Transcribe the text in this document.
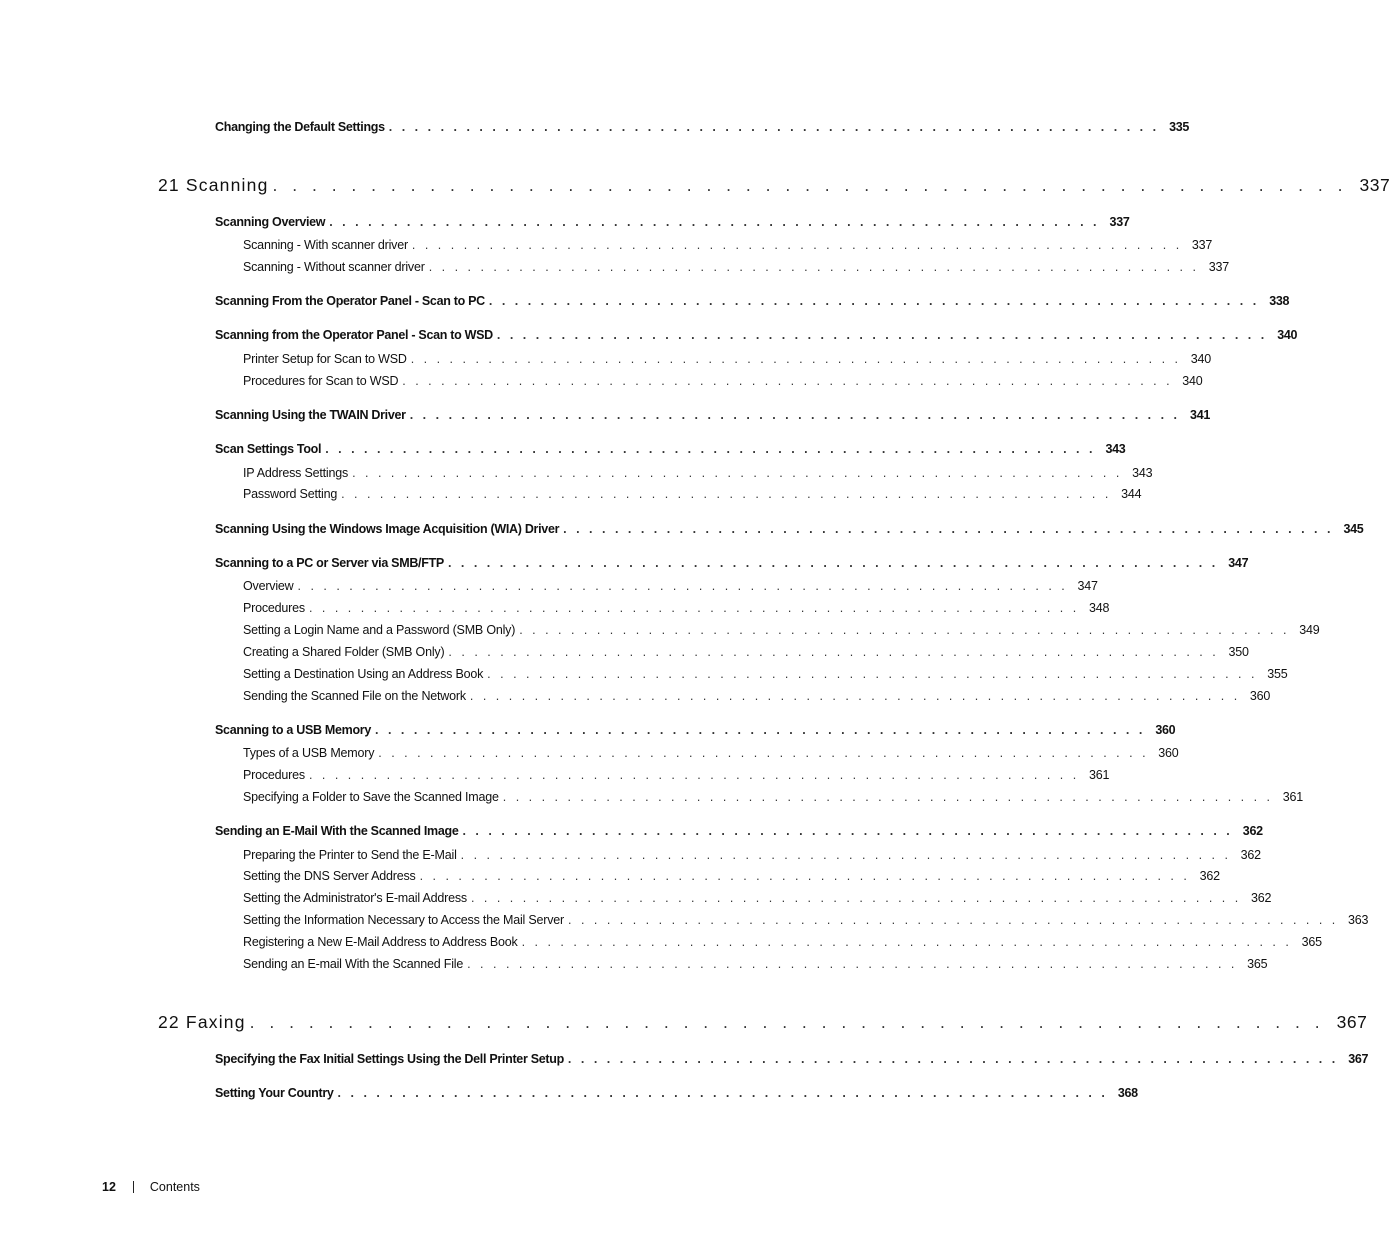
Changing the Default Settings . . . . . . . . . . . . . . . . . . . . . . . . . . . . . . . . . . . . . . . . . . . . . . . . . . . . . . . . . . . . 335
21 Scanning . . . . . . . . . . . . . . . . . . . . . . . . . . . . . . . . . . . . . . . . . . . . . . . . . . . . . . . 337
Scanning Overview . . . . . . . . . . . . . . . . . . . . . . . . . . . . . . . . . . . . . . . . . . . . . . . . . . . . . . . . . . . . 337
Scanning - With scanner driver . . . . . . . . . . . . . . . . . . . . . . . . . . . . . . . . . . . . . . . . . . . . . . . . . . . . . . . . . . . . 337
Scanning - Without scanner driver . . . . . . . . . . . . . . . . . . . . . . . . . . . . . . . . . . . . . . . . . . . . . . . . . . . . . . . . . . . . 337
Scanning From the Operator Panel - Scan to PC . . . . . . . . . . . . . . . . . . . . . . . . . . . . . . . . . . . . . . . . . . . . . . . . . . . . . . . . . . . . 338
Scanning from the Operator Panel - Scan to WSD . . . . . . . . . . . . . . . . . . . . . . . . . . . . . . . . . . . . . . . . . . . . . . . . . . . . . . . . . . . . 340
Printer Setup for Scan to WSD . . . . . . . . . . . . . . . . . . . . . . . . . . . . . . . . . . . . . . . . . . . . . . . . . . . . . . . . . . . . 340
Procedures for Scan to WSD . . . . . . . . . . . . . . . . . . . . . . . . . . . . . . . . . . . . . . . . . . . . . . . . . . . . . . . . . . . . 340
Scanning Using the TWAIN Driver . . . . . . . . . . . . . . . . . . . . . . . . . . . . . . . . . . . . . . . . . . . . . . . . . . . . . . . . . . . . 341
Scan Settings Tool . . . . . . . . . . . . . . . . . . . . . . . . . . . . . . . . . . . . . . . . . . . . . . . . . . . . . . . . . . . . 343
IP Address Settings . . . . . . . . . . . . . . . . . . . . . . . . . . . . . . . . . . . . . . . . . . . . . . . . . . . . . . . . . . . . 343
Password Setting . . . . . . . . . . . . . . . . . . . . . . . . . . . . . . . . . . . . . . . . . . . . . . . . . . . . . . . . . . . . 344
Scanning Using the Windows Image Acquisition (WIA) Driver . . . . . . . . . . . . . . . . . . . . . . . . . . . . . . . . . . . . . . . . . . . . . . . . . . . . . . . . . . . . 345
Scanning to a PC or Server via SMB/FTP . . . . . . . . . . . . . . . . . . . . . . . . . . . . . . . . . . . . . . . . . . . . . . . . . . . . . . . . . . . . 347
Overview . . . . . . . . . . . . . . . . . . . . . . . . . . . . . . . . . . . . . . . . . . . . . . . . . . . . . . . . . . . . 347
Procedures . . . . . . . . . . . . . . . . . . . . . . . . . . . . . . . . . . . . . . . . . . . . . . . . . . . . . . . . . . . . 348
Setting a Login Name and a Password (SMB Only) . . . . . . . . . . . . . . . . . . . . . . . . . . . . . . . . . . . . . . . . . . . . . . . . . . . . . . . . . . . . 349
Creating a Shared Folder (SMB Only) . . . . . . . . . . . . . . . . . . . . . . . . . . . . . . . . . . . . . . . . . . . . . . . . . . . . . . . . . . . . 350
Setting a Destination Using an Address Book . . . . . . . . . . . . . . . . . . . . . . . . . . . . . . . . . . . . . . . . . . . . . . . . . . . . . . . . . . . . 355
Sending the Scanned File on the Network . . . . . . . . . . . . . . . . . . . . . . . . . . . . . . . . . . . . . . . . . . . . . . . . . . . . . . . . . . . . 360
Scanning to a USB Memory . . . . . . . . . . . . . . . . . . . . . . . . . . . . . . . . . . . . . . . . . . . . . . . . . . . . . . . . . . . . 360
Types of a USB Memory . . . . . . . . . . . . . . . . . . . . . . . . . . . . . . . . . . . . . . . . . . . . . . . . . . . . . . . . . . . . 360
Procedures . . . . . . . . . . . . . . . . . . . . . . . . . . . . . . . . . . . . . . . . . . . . . . . . . . . . . . . . . . . . 361
Specifying a Folder to Save the Scanned Image . . . . . . . . . . . . . . . . . . . . . . . . . . . . . . . . . . . . . . . . . . . . . . . . . . . . . . . . . . . . 361
Sending an E-Mail With the Scanned Image . . . . . . . . . . . . . . . . . . . . . . . . . . . . . . . . . . . . . . . . . . . . . . . . . . . . . . . . . . . . 362
Preparing the Printer to Send the E-Mail . . . . . . . . . . . . . . . . . . . . . . . . . . . . . . . . . . . . . . . . . . . . . . . . . . . . . . . . . . . . 362
Setting the DNS Server Address . . . . . . . . . . . . . . . . . . . . . . . . . . . . . . . . . . . . . . . . . . . . . . . . . . . . . . . . . . . . 362
Setting the Administrator's E-mail Address . . . . . . . . . . . . . . . . . . . . . . . . . . . . . . . . . . . . . . . . . . . . . . . . . . . . . . . . . . . . 362
Setting the Information Necessary to Access the Mail Server . . . . . . . . . . . . . . . . . . . . . . . . . . . . . . . . . . . . . . . . . . . . . . . . . . . . . . . . . . . . 363
Registering a New E-Mail Address to Address Book . . . . . . . . . . . . . . . . . . . . . . . . . . . . . . . . . . . . . . . . . . . . . . . . . . . . . . . . . . . . 365
Sending an E-mail With the Scanned File . . . . . . . . . . . . . . . . . . . . . . . . . . . . . . . . . . . . . . . . . . . . . . . . . . . . . . . . . . . . 365
22 Faxing . . . . . . . . . . . . . . . . . . . . . . . . . . . . . . . . . . . . . . . . . . . . . . . . . . . . . . . 367
Specifying the Fax Initial Settings Using the Dell Printer Setup . . . . . . . . . . . . . . . . . . . . . . . . . . . . . . . . . . . . . . . . . . . . . . . . . . . . . . . . . . . . 367
Setting Your Country . . . . . . . . . . . . . . . . . . . . . . . . . . . . . . . . . . . . . . . . . . . . . . . . . . . . . . . . . . . . 368
12	Contents
